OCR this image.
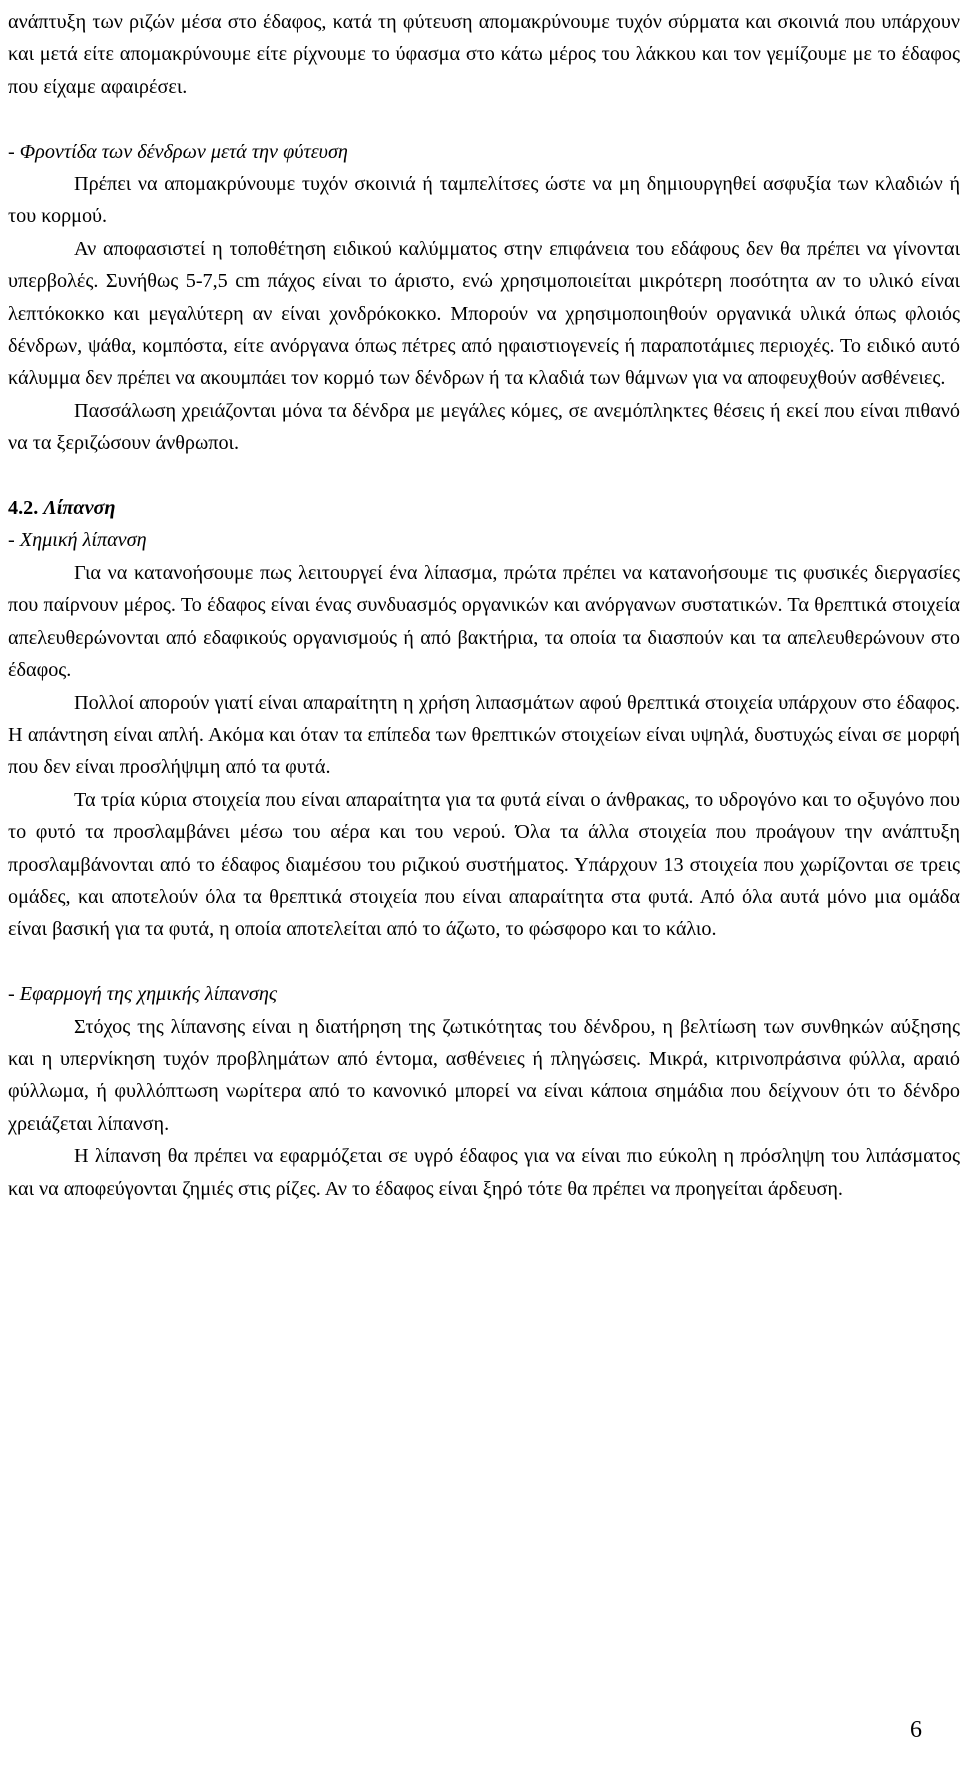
ανάπτυξη των ριζών μέσα στο έδαφος, κατά τη φύτευση απομακρύνουμε τυχόν σύρματα και σκοινιά που υπάρχουν και μετά είτε απομακρύνουμε είτε ρίχνουμε το ύφασμα στο κάτω μέρος του λάκκου και τον γεμίζουμε με το έδαφος που είχαμε αφαιρέσει.

- Φροντίδα των δένδρων μετά την φύτευση

Πρέπει να απομακρύνουμε τυχόν σκοινιά ή ταμπελίτσες ώστε να μη δημιουργηθεί ασφυξία των κλαδιών ή του κορμού.

Αν αποφασιστεί η τοποθέτηση ειδικού καλύμματος στην επιφάνεια του εδάφους δεν θα πρέπει να γίνονται υπερβολές. Συνήθως 5-7,5 cm πάχος είναι το άριστο, ενώ χρησιμοποιείται μικρότερη ποσότητα αν το υλικό είναι λεπτόκοκκο και μεγαλύτερη αν είναι χονδρόκοκκο. Μπορούν να χρησιμοποιηθούν οργανικά υλικά όπως φλοιός δένδρων, ψάθα, κομπόστα, είτε ανόργανα όπως πέτρες από ηφαιστιογενείς ή παραποτάμιες περιοχές. Το ειδικό αυτό κάλυμμα δεν πρέπει να ακουμπάει τον κορμό των δένδρων ή τα κλαδιά των θάμνων για να αποφευχθούν ασθένειες.

Πασσάλωση χρειάζονται μόνα τα δένδρα με μεγάλες κόμες, σε ανεμόπληκτες θέσεις ή εκεί που είναι πιθανό να τα ξεριζώσουν άνθρωποι.

4.2. Λίπανση

- Χημική λίπανση

Για να κατανοήσουμε πως λειτουργεί ένα λίπασμα, πρώτα πρέπει να κατανοήσουμε τις φυσικές διεργασίες που παίρνουν μέρος. Το έδαφος είναι ένας συνδυασμός οργανικών και ανόργανων συστατικών. Τα θρεπτικά στοιχεία απελευθερώνονται από εδαφικούς οργανισμούς ή από βακτήρια, τα οποία τα διασπούν και τα απελευθερώνουν στο έδαφος.

Πολλοί απορούν γιατί είναι απαραίτητη η χρήση λιπασμάτων αφού θρεπτικά στοιχεία υπάρχουν στο έδαφος. Η απάντηση είναι απλή. Ακόμα και όταν τα επίπεδα των θρεπτικών στοιχείων είναι υψηλά, δυστυχώς είναι σε μορφή που δεν είναι προσλήψιμη από τα φυτά.

Τα τρία κύρια στοιχεία που είναι απαραίτητα για τα φυτά είναι ο άνθρακας, το υδρογόνο και το οξυγόνο που το φυτό τα προσλαμβάνει μέσω του αέρα και του νερού. Όλα τα άλλα στοιχεία που προάγουν την ανάπτυξη προσλαμβάνονται από το έδαφος διαμέσου του ριζικού συστήματος. Υπάρχουν 13 στοιχεία που χωρίζονται σε τρεις ομάδες, και αποτελούν όλα τα θρεπτικά στοιχεία που είναι απαραίτητα στα φυτά. Από όλα αυτά μόνο μια ομάδα είναι βασική για τα φυτά, η οποία αποτελείται από το άζωτο, το φώσφορο και το κάλιο.

- Εφαρμογή της χημικής λίπανσης

Στόχος της λίπανσης είναι η διατήρηση της ζωτικότητας του δένδρου, η βελτίωση των συνθηκών αύξησης και η υπερνίκηση τυχόν προβλημάτων από έντομα, ασθένειες ή πληγώσεις. Μικρά, κιτρινοπράσινα φύλλα, αραιό φύλλωμα, ή φυλλόπτωση νωρίτερα από το κανονικό μπορεί να είναι κάποια σημάδια που δείχνουν ότι το δένδρο χρειάζεται λίπανση.

Η λίπανση θα πρέπει να εφαρμόζεται σε υγρό έδαφος για να είναι πιο εύκολη η πρόσληψη του λιπάσματος και να αποφεύγονται ζημιές στις ρίζες. Αν το έδαφος είναι ξηρό τότε θα πρέπει να προηγείται άρδευση.

6
